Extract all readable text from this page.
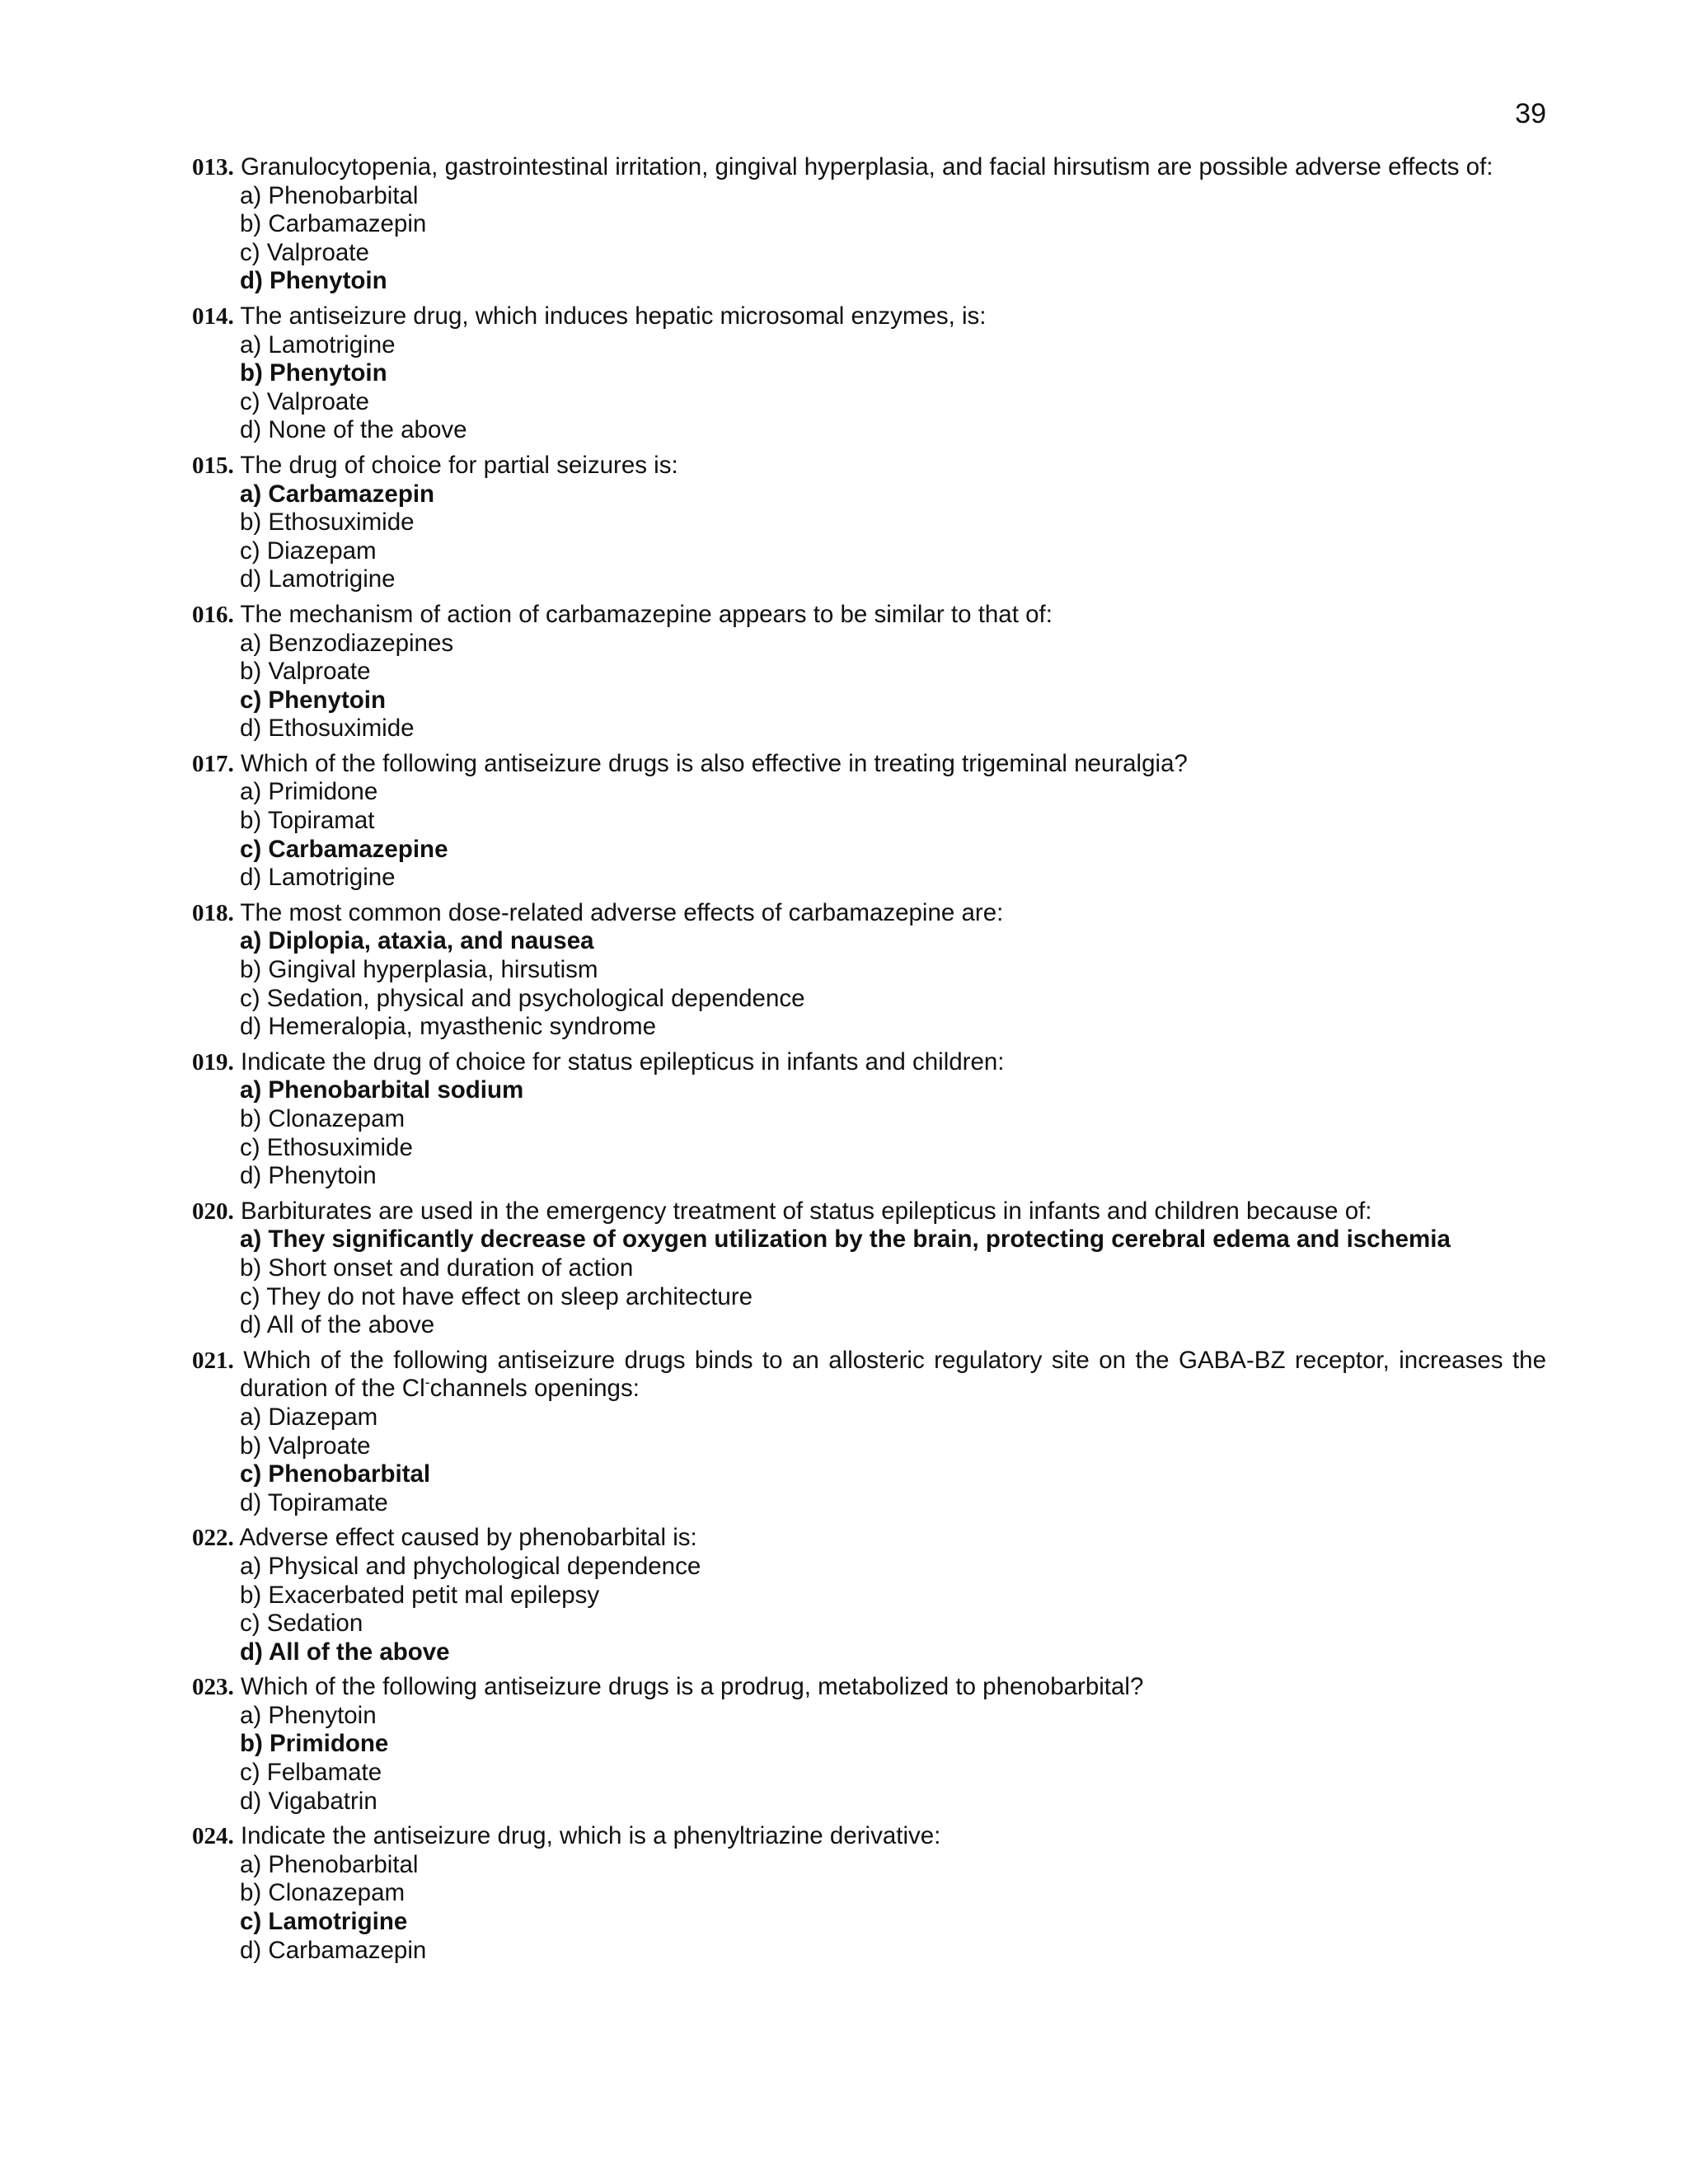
39
013. Granulocytopenia, gastrointestinal irritation, gingival hyperplasia, and facial hirsutism are possible adverse effects of:
a) Phenobarbital
b) Carbamazepin
c) Valproate
d) Phenytoin
014. The antiseizure drug, which induces hepatic microsomal enzymes, is:
a) Lamotrigine
b) Phenytoin
c) Valproate
d) None of the above
015. The drug of choice for partial seizures is:
a) Carbamazepin
b) Ethosuximide
c) Diazepam
d) Lamotrigine
016. The mechanism of action of carbamazepine appears to be similar to that of:
a) Benzodiazepines
b) Valproate
c) Phenytoin
d) Ethosuximide
017. Which of the following antiseizure drugs is also effective in treating trigeminal neuralgia?
a) Primidone
b) Topiramat
c) Carbamazepine
d) Lamotrigine
018. The most common dose-related adverse effects of carbamazepine are:
a) Diplopia, ataxia, and nausea
b) Gingival hyperplasia, hirsutism
c) Sedation, physical and psychological dependence
d) Hemeralopia, myasthenic syndrome
019. Indicate the drug of choice for status epilepticus in infants and children:
a) Phenobarbital sodium
b) Clonazepam
c) Ethosuximide
d) Phenytoin
020. Barbiturates are used in the emergency treatment of status epilepticus in infants and children because of:
a) They significantly decrease of oxygen utilization by the brain, protecting cerebral edema and ischemia
b) Short onset and duration of action
c) They do not have effect on sleep architecture
d) All of the above
021. Which of the following antiseizure drugs binds to an allosteric regulatory site on the GABA-BZ receptor, increases the duration of the Cl-channels openings:
a) Diazepam
b) Valproate
c) Phenobarbital
d) Topiramate
022. Adverse effect caused by phenobarbital is:
a) Physical and phychological dependence
b) Exacerbated petit mal epilepsy
c) Sedation
d) All of the above
023. Which of the following antiseizure drugs is a prodrug, metabolized to phenobarbital?
a) Phenytoin
b) Primidone
c) Felbamate
d) Vigabatrin
024. Indicate the antiseizure drug, which is a phenyltriazine derivative:
a) Phenobarbital
b) Clonazepam
c) Lamotrigine
d) Carbamazepin
